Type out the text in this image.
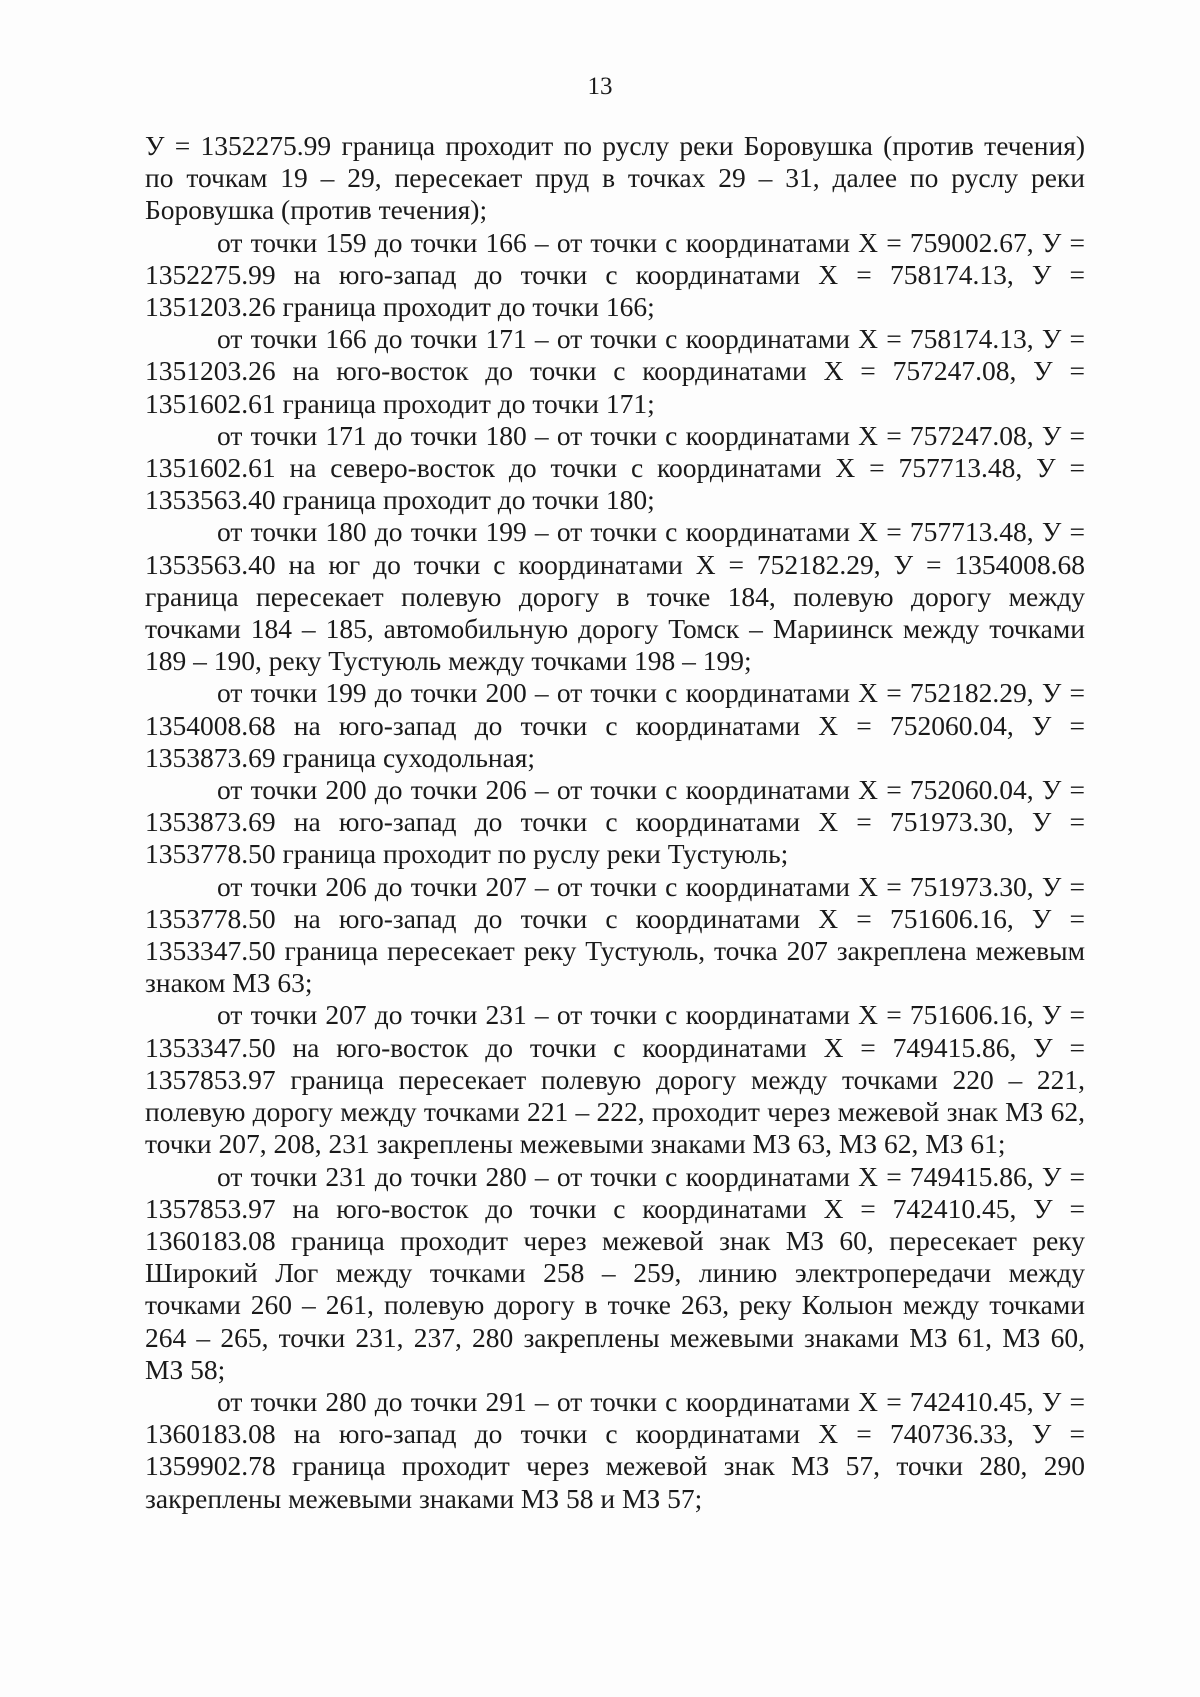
13

У = 1352275.99 граница проходит по руслу реки Боровушка (против течения) по точкам 19 – 29, пересекает пруд в точках 29 – 31, далее по руслу реки Боровушка (против течения);

от точки 159 до точки 166 – от точки с координатами Х = 759002.67, У = 1352275.99 на юго-запад до точки с координатами Х = 758174.13, У = 1351203.26 граница проходит до точки 166;

от точки 166 до точки 171 – от точки с координатами Х = 758174.13, У = 1351203.26 на юго-восток до точки с координатами Х = 757247.08, У = 1351602.61 граница проходит до точки 171;

от точки 171 до точки 180 – от точки с координатами Х = 757247.08, У = 1351602.61 на северо-восток до точки с координатами Х = 757713.48, У = 1353563.40 граница проходит до точки 180;

от точки 180 до точки 199 – от точки с координатами Х = 757713.48, У = 1353563.40 на юг до точки с координатами Х = 752182.29, У = 1354008.68 граница пересекает полевую дорогу в точке 184, полевую дорогу между точками 184 – 185, автомобильную дорогу Томск – Мариинск между точками 189 – 190, реку Тустуюль между точками 198 – 199;

от точки 199 до точки 200 – от точки с координатами Х = 752182.29, У = 1354008.68 на юго-запад до точки с координатами Х = 752060.04, У = 1353873.69 граница суходольная;

от точки 200 до точки 206 – от точки с координатами Х = 752060.04, У = 1353873.69 на юго-запад до точки с координатами Х = 751973.30, У = 1353778.50 граница проходит по руслу реки Тустуюль;

от точки 206 до точки 207 – от точки с координатами Х = 751973.30, У = 1353778.50 на юго-запад до точки с координатами Х = 751606.16, У = 1353347.50 граница пересекает реку Тустуюль, точка 207 закреплена межевым знаком МЗ 63;

от точки 207 до точки 231 – от точки с координатами Х = 751606.16, У = 1353347.50 на юго-восток до точки с координатами Х = 749415.86, У = 1357853.97 граница пересекает полевую дорогу между точками 220 – 221, полевую дорогу между точками 221 – 222, проходит через межевой знак МЗ 62, точки 207, 208, 231 закреплены межевыми знаками МЗ 63, МЗ 62, МЗ 61;

от точки 231 до точки 280 – от точки с координатами Х = 749415.86, У = 1357853.97 на юго-восток до точки с координатами Х = 742410.45, У = 1360183.08 граница проходит через межевой знак МЗ 60, пересекает реку Широкий Лог между точками 258 – 259, линию электропередачи между точками 260 – 261, полевую дорогу в точке 263, реку Колыон между точками 264 – 265, точки 231, 237, 280 закреплены межевыми знаками МЗ 61, МЗ 60, МЗ 58;

от точки 280 до точки 291 – от точки с координатами Х = 742410.45, У = 1360183.08 на юго-запад до точки с координатами Х = 740736.33, У = 1359902.78 граница проходит через межевой знак МЗ 57, точки 280, 290 закреплены межевыми знаками МЗ 58 и МЗ 57;
